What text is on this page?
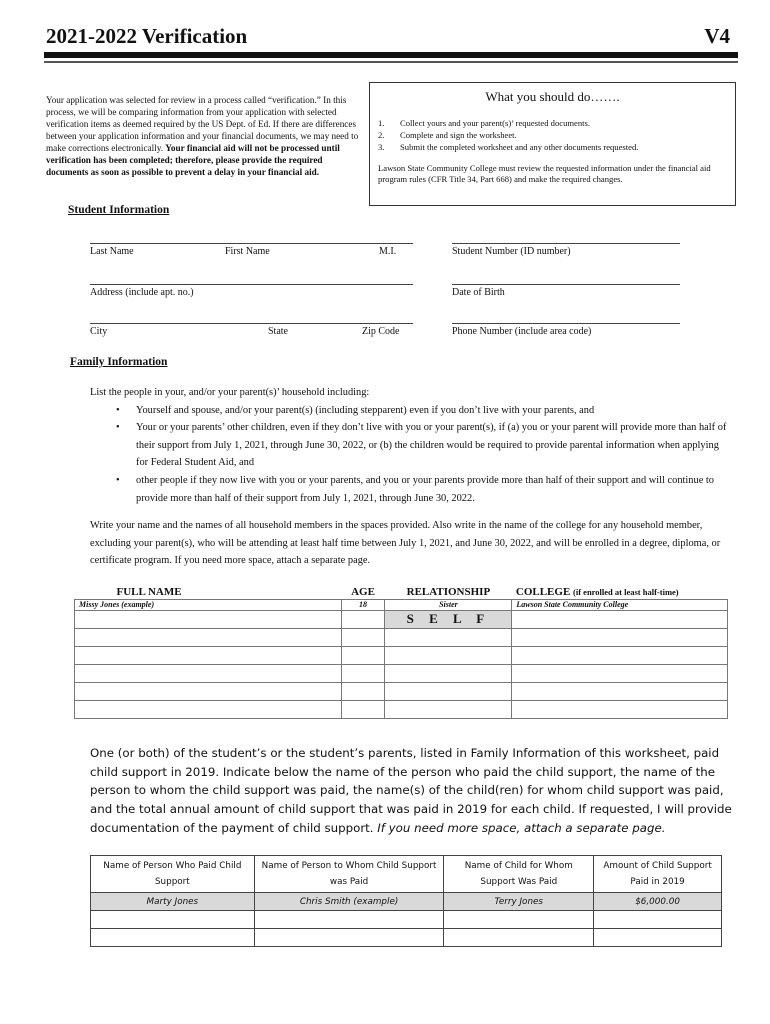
2021-2022 Verification	V4
Your application was selected for review in a process called “verification.” In this process, we will be comparing information from your application with selected verification items as deemed required by the US Dept. of Ed. If there are differences between your application information and your financial documents, we may need to make corrections electronically. Your financial aid will not be processed until verification has been completed; therefore, please provide the required documents as soon as possible to prevent a delay in your financial aid.
What you should do…….
1.	Collect yours and your parent(s)’ requested documents.
2.	Complete and sign the worksheet.
3.	Submit the completed worksheet and any other documents requested.
Lawson State Community College must review the requested information under the financial aid program rules (CFR Title 34, Part 668) and make the required changes.
Student Information
Last Name	First Name	M.I.	Student Number (ID number)
Address (include apt. no.)	Date of Birth
City	State	Zip Code	Phone Number (include area code)
Family Information
List the people in your, and/or your parent(s)’ household including:
• Yourself and spouse, and/or your parent(s) (including stepparent) even if you don’t live with your parents, and
• Your or your parents’ other children, even if they don’t live with you or your parent(s), if (a) you or your parent will provide more than half of their support from July 1, 2021, through June 30, 2022, or (b) the children would be required to provide parental information when applying for Federal Student Aid, and
• other people if they now live with you or your parents, and you or your parents provide more than half of their support and will continue to provide more than half of their support from July 1, 2021, through June 30, 2022.
Write your name and the names of all household members in the spaces provided. Also write in the name of the college for any household member, excluding your parent(s), who will be attending at least half time between July 1, 2021, and June 30, 2022, and will be enrolled in a degree, diploma, or certificate program. If you need more space, attach a separate page.
FULL NAME	AGE	RELATIONSHIP	COLLEGE (if enrolled at least half-time)
Missy Jones (example)	18	Sister	Lawson State Community College
		S E L F	

One (or both) of the student’s or the student’s parents, listed in Family Information of this worksheet, paid child support in 2019. Indicate below the name of the person who paid the child support, the name of the person to whom the child support was paid, the name(s) of the child(ren) for whom child support was paid, and the total annual amount of child support that was paid in 2019 for each child. If requested, I will provide documentation of the payment of child support. If you need more space, attach a separate page.
Name of Person Who Paid Child Support	Name of Person to Whom Child Support was Paid	Name of Child for Whom Support Was Paid	Amount of Child Support Paid in 2019
Marty Jones	Chris Smith (example)	Terry Jones	$6,000.00
